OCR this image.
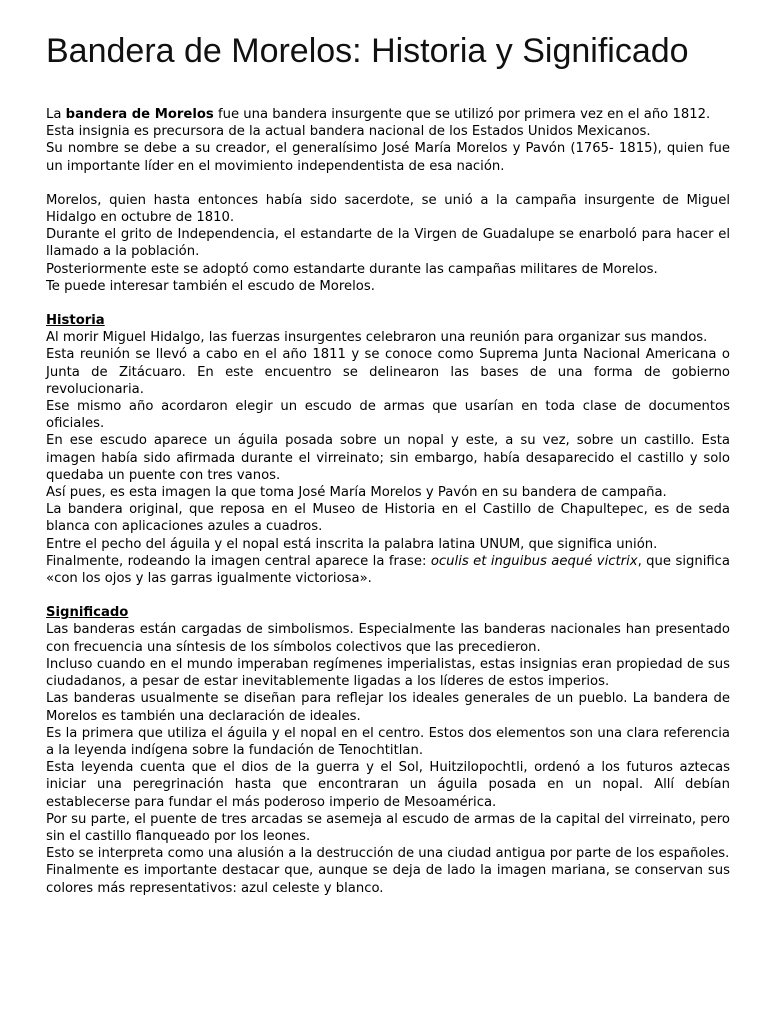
Bandera de Morelos: Historia y Significado

La bandera de Morelos fue una bandera insurgente que se utilizó por primera vez en el año 1812.

Esta insignia es precursora de la actual bandera nacional de los Estados Unidos Mexicanos.

Su nombre se debe a su creador, el generalísimo José María Morelos y Pavón (1765- 1815), quien fue un importante líder en el movimiento independentista de esa nación.

Morelos, quien hasta entonces había sido sacerdote, se unió a la campaña insurgente de Miguel Hidalgo en octubre de 1810.

Durante el grito de Independencia, el estandarte de la Virgen de Guadalupe se enarboló para hacer el llamado a la población.

Posteriormente este se adoptó como estandarte durante las campañas militares de Morelos.

Te puede interesar también el escudo de Morelos.

Historia

Al morir Miguel Hidalgo, las fuerzas insurgentes celebraron una reunión para organizar sus mandos.

Esta reunión se llevó a cabo en el año 1811 y se conoce como Suprema Junta Nacional Americana o Junta de Zitácuaro. En este encuentro se delinearon las bases de una forma de gobierno revolucionaria.

Ese mismo año acordaron elegir un escudo de armas que usarían en toda clase de documentos oficiales.

En ese escudo aparece un águila posada sobre un nopal y este, a su vez, sobre un castillo. Esta imagen había sido afirmada durante el virreinato; sin embargo, había desaparecido el castillo y solo quedaba un puente con tres vanos.

Así pues, es esta imagen la que toma José María Morelos y Pavón en su bandera de campaña.

La bandera original, que reposa en el Museo de Historia en el Castillo de Chapultepec, es de seda blanca con aplicaciones azules a cuadros.

Entre el pecho del águila y el nopal está inscrita la palabra latina UNUM, que significa unión.

Finalmente, rodeando la imagen central aparece la frase: oculis et inguibus aequé victrix, que significa «con los ojos y las garras igualmente victoriosa».

Significado

Las banderas están cargadas de simbolismos. Especialmente las banderas nacionales han presentado con frecuencia una síntesis de los símbolos colectivos que las precedieron.

Incluso cuando en el mundo imperaban regímenes imperialistas, estas insignias eran propiedad de sus ciudadanos, a pesar de estar inevitablemente ligadas a los líderes de estos imperios.

Las banderas usualmente se diseñan para reflejar los ideales generales de un pueblo. La bandera de Morelos es también una declaración de ideales.

Es la primera que utiliza el águila y el nopal en el centro. Estos dos elementos son una clara referencia a la leyenda indígena sobre la fundación de Tenochtitlan.

Esta leyenda cuenta que el dios de la guerra y el Sol, Huitzilopochtli, ordenó a los futuros aztecas iniciar una peregrinación hasta que encontraran un águila posada en un nopal. Allí debían establecerse para fundar el más poderoso imperio de Mesoamérica.

Por su parte, el puente de tres arcadas se asemeja al escudo de armas de la capital del virreinato, pero sin el castillo flanqueado por los leones.

Esto se interpreta como una alusión a la destrucción de una ciudad antigua por parte de los españoles.

Finalmente es importante destacar que, aunque se deja de lado la imagen mariana, se conservan sus colores más representativos: azul celeste y blanco.
